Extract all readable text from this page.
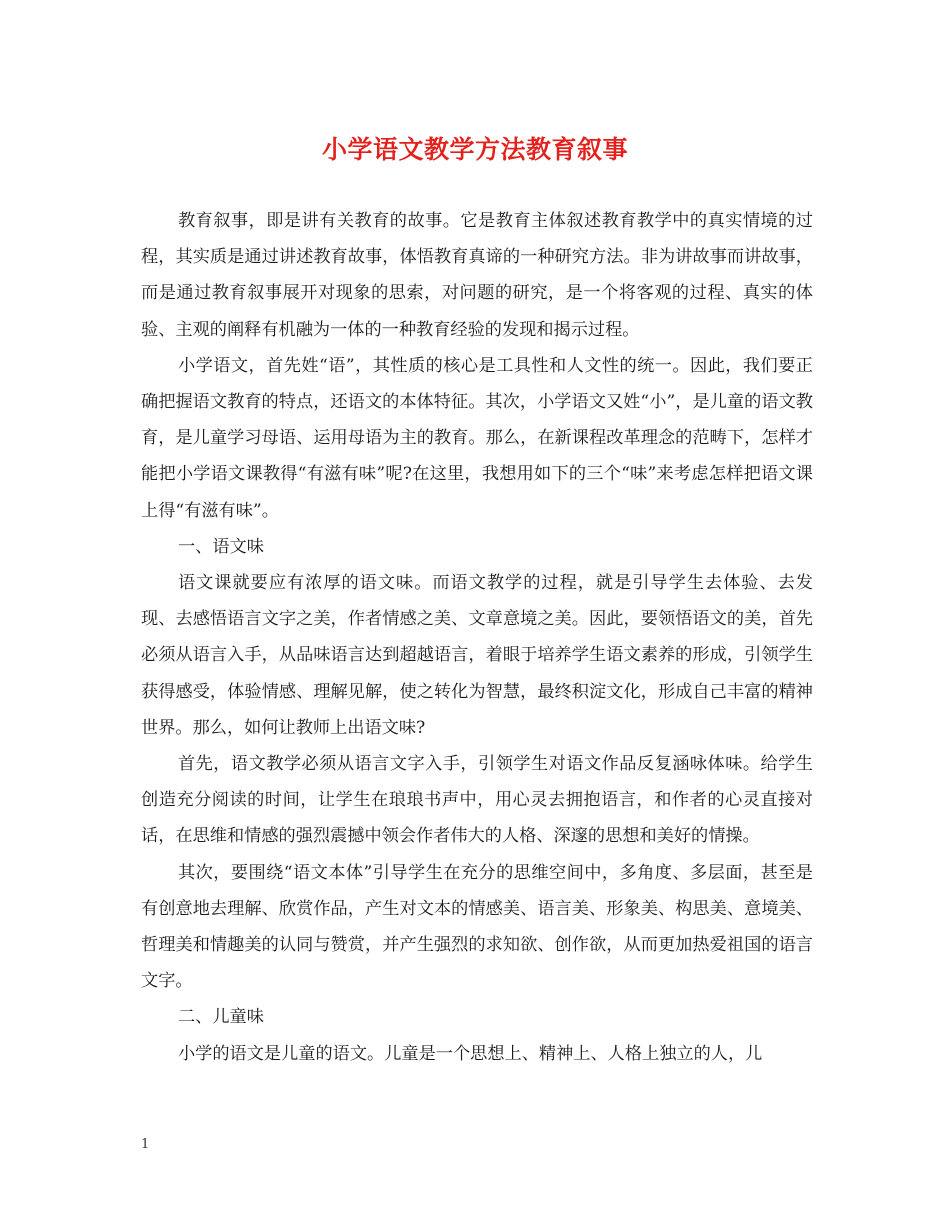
小学语文教学方法教育叙事

教育叙事，即是讲有关教育的故事。它是教育主体叙述教育教学中的真实情境的过程，其实质是通过讲述教育故事，体悟教育真谛的一种研究方法。非为讲故事而讲故事，而是通过教育叙事展开对现象的思索，对问题的研究，是一个将客观的过程、真实的体验、主观的阐释有机融为一体的一种教育经验的发现和揭示过程。

小学语文，首先姓“语”，其性质的核心是工具性和人文性的统一。因此，我们要正确把握语文教育的特点，还语文的本体特征。其次，小学语文又姓“小”，是儿童的语文教育，是儿童学习母语、运用母语为主的教育。那么，在新课程改革理念的范畴下，怎样才能把小学语文课教得“有滋有味”呢?在这里，我想用如下的三个“味”来考虑怎样把语文课上得“有滋有味”。

一、语文味

语文课就要应有浓厚的语文味。而语文教学的过程，就是引导学生去体验、去发现、去感悟语言文字之美，作者情感之美、文章意境之美。因此，要领悟语文的美，首先必须从语言入手，从品味语言达到超越语言，着眼于培养学生语文素养的形成，引领学生获得感受，体验情感、理解见解，使之转化为智慧，最终积淀文化，形成自己丰富的精神世界。那么，如何让教师上出语文味?

首先，语文教学必须从语言文字入手，引领学生对语文作品反复涵咏体味。给学生创造充分阅读的时间，让学生在琅琅书声中，用心灵去拥抱语言，和作者的心灵直接对话，在思维和情感的强烈震撼中领会作者伟大的人格、深邃的思想和美好的情操。

其次，要围绕“语文本体”引导学生在充分的思维空间中，多角度、多层面，甚至是有创意地去理解、欣赏作品，产生对文本的情感美、语言美、形象美、构思美、意境美、哲理美和情趣美的认同与赞赏，并产生强烈的求知欲、创作欲，从而更加热爱祖国的语言文字。

二、儿童味

小学的语文是儿童的语文。儿童是一个思想上、精神上、人格上独立的人，儿

1
